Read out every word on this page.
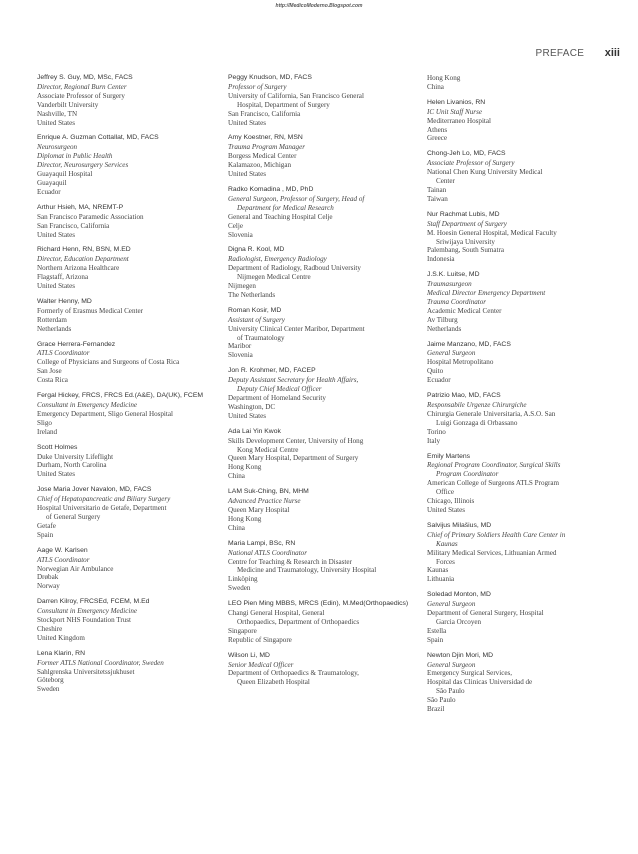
http://MedicoModerno.Blogspot.com
PREFACE xiii
Jeffrey S. Guy, MD, MSc, FACS
Director, Regional Burn Center
Associate Professor of Surgery
Vanderbilt University
Nashville, TN
United States
Enrique A. Guzman Cottallat, MD, FACS
Neurosurgeon
Diplomat in Public Health
Director, Neurosurgery Services
Guayaquil Hospital
Guayaquil
Ecuador
Arthur Hsieh, MA, NREMT-P
San Francisco Paramedic Association
San Francisco, California
United States
Richard Henn, RN, BSN, M.ED
Director, Education Department
Northern Arizona Healthcare
Flagstaff, Arizona
United States
Walter Henny, MD
Formerly of Erasmus Medical Center
Rotterdam
Netherlands
Grace Herrera-Fernandez
ATLS Coordinator
College of Physicians and Surgeons of Costa Rica
San Jose
Costa Rica
Fergal Hickey, FRCS, FRCS Ed.(A&E), DA(UK), FCEM
Consultant in Emergency Medicine
Emergency Department, Sligo General Hospital
Sligo
Ireland
Scott Holmes
Duke University Lifeflight
Durham, North Carolina
United States
Jose Maria Jover Navalon, MD, FACS
Chief of Hepatopancreatic and Biliary Surgery
Hospital Universitario de Getafe, Department
of General Surgery
Getafe
Spain
Aage W. Karlsen
ATLS Coordinator
Norwegian Air Ambulance
Drøbak
Norway
Darren Kilroy, FRCSEd, FCEM, M.Ed
Consultant in Emergency Medicine
Stockport NHS Foundation Trust
Cheshire
United Kingdom
Lena Klarin, RN
Former ATLS National Coordinator, Sweden
Sahlgrenska Universitetssjukhuset
Göteborg
Sweden
Peggy Knudson, MD, FACS
Professor of Surgery
University of California, San Francisco General
Hospital, Department of Surgery
San Francisco, California
United States
Amy Koestner, RN, MSN
Trauma Program Manager
Borgess Medical Center
Kalamazoo, Michigan
United States
Radko Komadina , MD, PhD
General Surgeon, Professor of Surgery, Head of
Department for Medical Research
General and Teaching Hospital Celje
Celje
Slovenia
Digna R. Kool, MD
Radiologist, Emergency Radiology
Department of Radiology, Radboud University
Nijmegen Medical Centre
Nijmegen
The Netherlands
Roman Kosir, MD
Assistant of Surgery
University Clinical Center Maribor, Department
of Traumatology
Maribor
Slovenia
Jon R. Krohmer, MD, FACEP
Deputy Assistant Secretary for Health Affairs,
Deputy Chief Medical Officer
Department of Homeland Security
Washington, DC
United States
Ada Lai Yin Kwok
Skills Development Center, University of Hong
Kong Medical Centre
Queen Mary Hospital, Department of Surgery
Hong Kong
China
LAM Suk-Ching, BN, MHM
Advanced Practice Nurse
Queen Mary Hospital
Hong Kong
China
Maria Lampi, BSc, RN
National ATLS Coordinator
Centre for Teaching & Research in Disaster
Medicine and Traumatology, University Hospital
Linköping
Sweden
LEO Pien Ming MBBS, MRCS (Edin), M.Med(Orthopaedics)
Changi General Hospital, General
Orthopaedics, Department of Orthopaedics
Singapore
Republic of Singapore
Wilson Li, MD
Senior Medical Officer
Department of Orthopaedics & Traumatology,
Queen Elizabeth Hospital
Hong Kong
China
Helen Livanios, RN
IC Unit Staff Nurse
Mediterraneo Hospital
Athens
Greece
Chong-Jeh Lo, MD, FACS
Associate Professor of Surgery
National Chen Kung University Medical
Center
Tainan
Taiwan
Nur Rachmat Lubis, MD
Staff Department of Surgery
M. Hoesin General Hospital, Medical Faculty
Sriwijaya University
Palembang, South Sumatra
Indonesia
J.S.K. Luitse, MD
Traumasurgeon
Medical Director Emergency Department
Trauma Coordinator
Academic Medical Center
Av Tilburg
Netherlands
Jaime Manzano, MD, FACS
General Surgeon
Hospital Metropolitano
Quito
Ecuador
Patrizio Mao, MD, FACS
Responsabile Urgenze Chirurgiche
Chirurgia Generale Universitaria, A.S.O. San
Luigi Gonzaga di Orbassano
Torino
Italy
Emily Martens
Regional Program Coordinator, Surgical Skills
Program Coordinator
American College of Surgeons ATLS Program
Office
Chicago, Illinois
United States
Salvijus Milašius, MD
Chief of Primary Soldiers Health Care Center in
Kaunas
Military Medical Services, Lithuanian Armed
Forces
Kaunas
Lithuania
Soledad Monton, MD
General Surgeon
Department of General Surgery, Hospital
Garcia Orcoyen
Estella
Spain
Newton Djin Mori, MD
General Surgeon
Emergency Surgical Services,
Hospital das Clinicas Universidad de
São Paulo
São Paulo
Brazil
